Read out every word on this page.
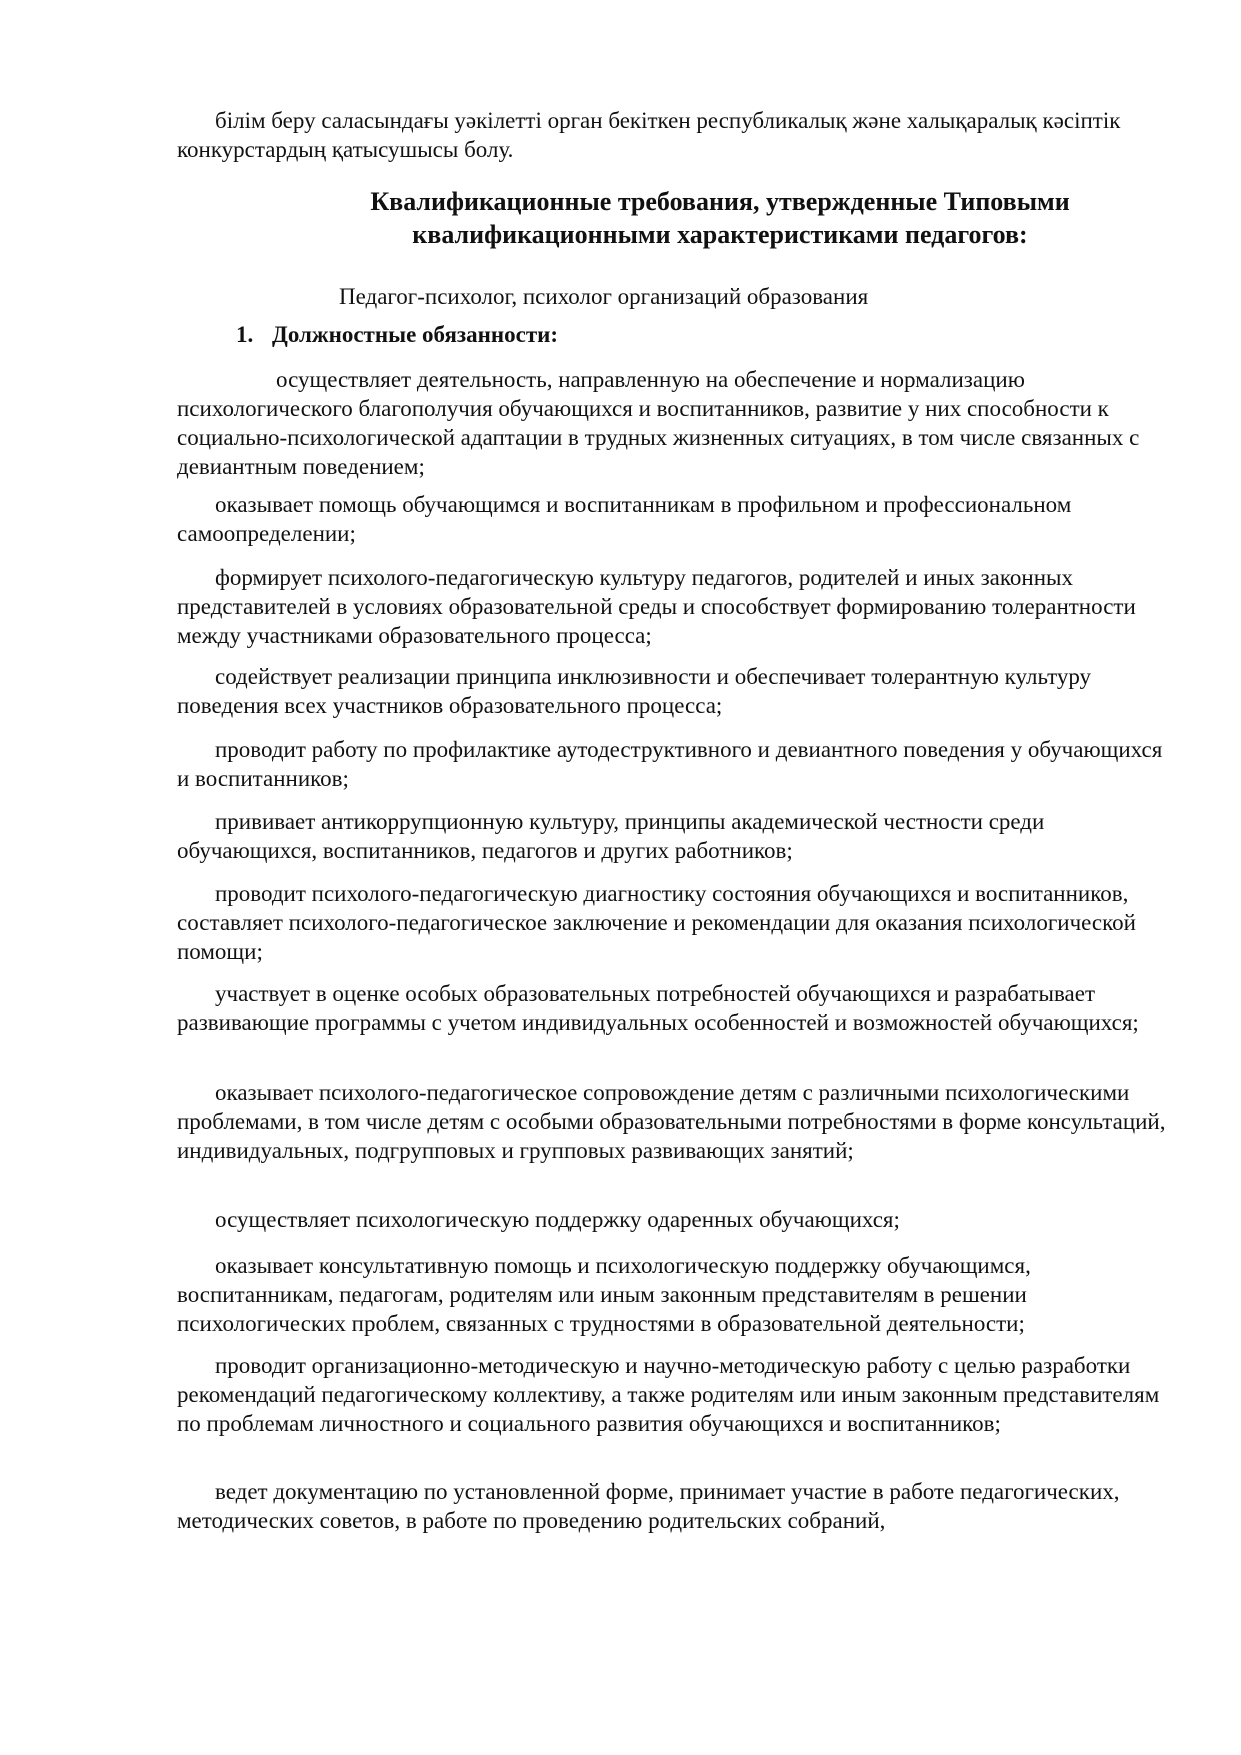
білім беру саласындағы уәкілетті орган бекіткен республикалық және халықаралық кәсіптік конкурстардың қатысушысы болу.

Квалификационные требования, утвержденные Типовыми
квалификационными характеристиками педагогов:

Педагог-психолог, психолог организаций образования

1. Должностные обязанности:

осуществляет деятельность, направленную на обеспечение и нормализацию психологического благополучия обучающихся и воспитанников, развитие у них способности к социально-психологической адаптации в трудных жизненных ситуациях, в том числе связанных с девиантным поведением;

оказывает помощь обучающимся и воспитанникам в профильном и профессиональном самоопределении;

формирует психолого-педагогическую культуру педагогов, родителей и иных законных представителей в условиях образовательной среды и способствует формированию толерантности между участниками образовательного процесса;

содействует реализации принципа инклюзивности и обеспечивает толерантную культуру поведения всех участников образовательного процесса;

проводит работу по профилактике аутодеструктивного и девиантного поведения у обучающихся и воспитанников;

прививает антикоррупционную культуру, принципы академической честности среди обучающихся, воспитанников, педагогов и других работников;

проводит психолого-педагогическую диагностику состояния обучающихся и воспитанников, составляет психолого-педагогическое заключение и рекомендации для оказания психологической помощи;

участвует в оценке особых образовательных потребностей обучающихся и разрабатывает развивающие программы с учетом индивидуальных особенностей и возможностей обучающихся;

оказывает психолого-педагогическое сопровождение детям с различными психологическими проблемами, в том числе детям с особыми образовательными потребностями в форме консультаций, индивидуальных, подгрупповых и групповых развивающих занятий;

осуществляет психологическую поддержку одаренных обучающихся;

оказывает консультативную помощь и психологическую поддержку обучающимся, воспитанникам, педагогам, родителям или иным законным представителям в решении психологических проблем, связанных с трудностями в образовательной деятельности;

проводит организационно-методическую и научно-методическую работу с целью разработки рекомендаций педагогическому коллективу, а также родителям или иным законным представителям по проблемам личностного и социального развития обучающихся и воспитанников;

ведет документацию по установленной форме, принимает участие в работе педагогических, методических советов, в работе по проведению родительских собраний,
